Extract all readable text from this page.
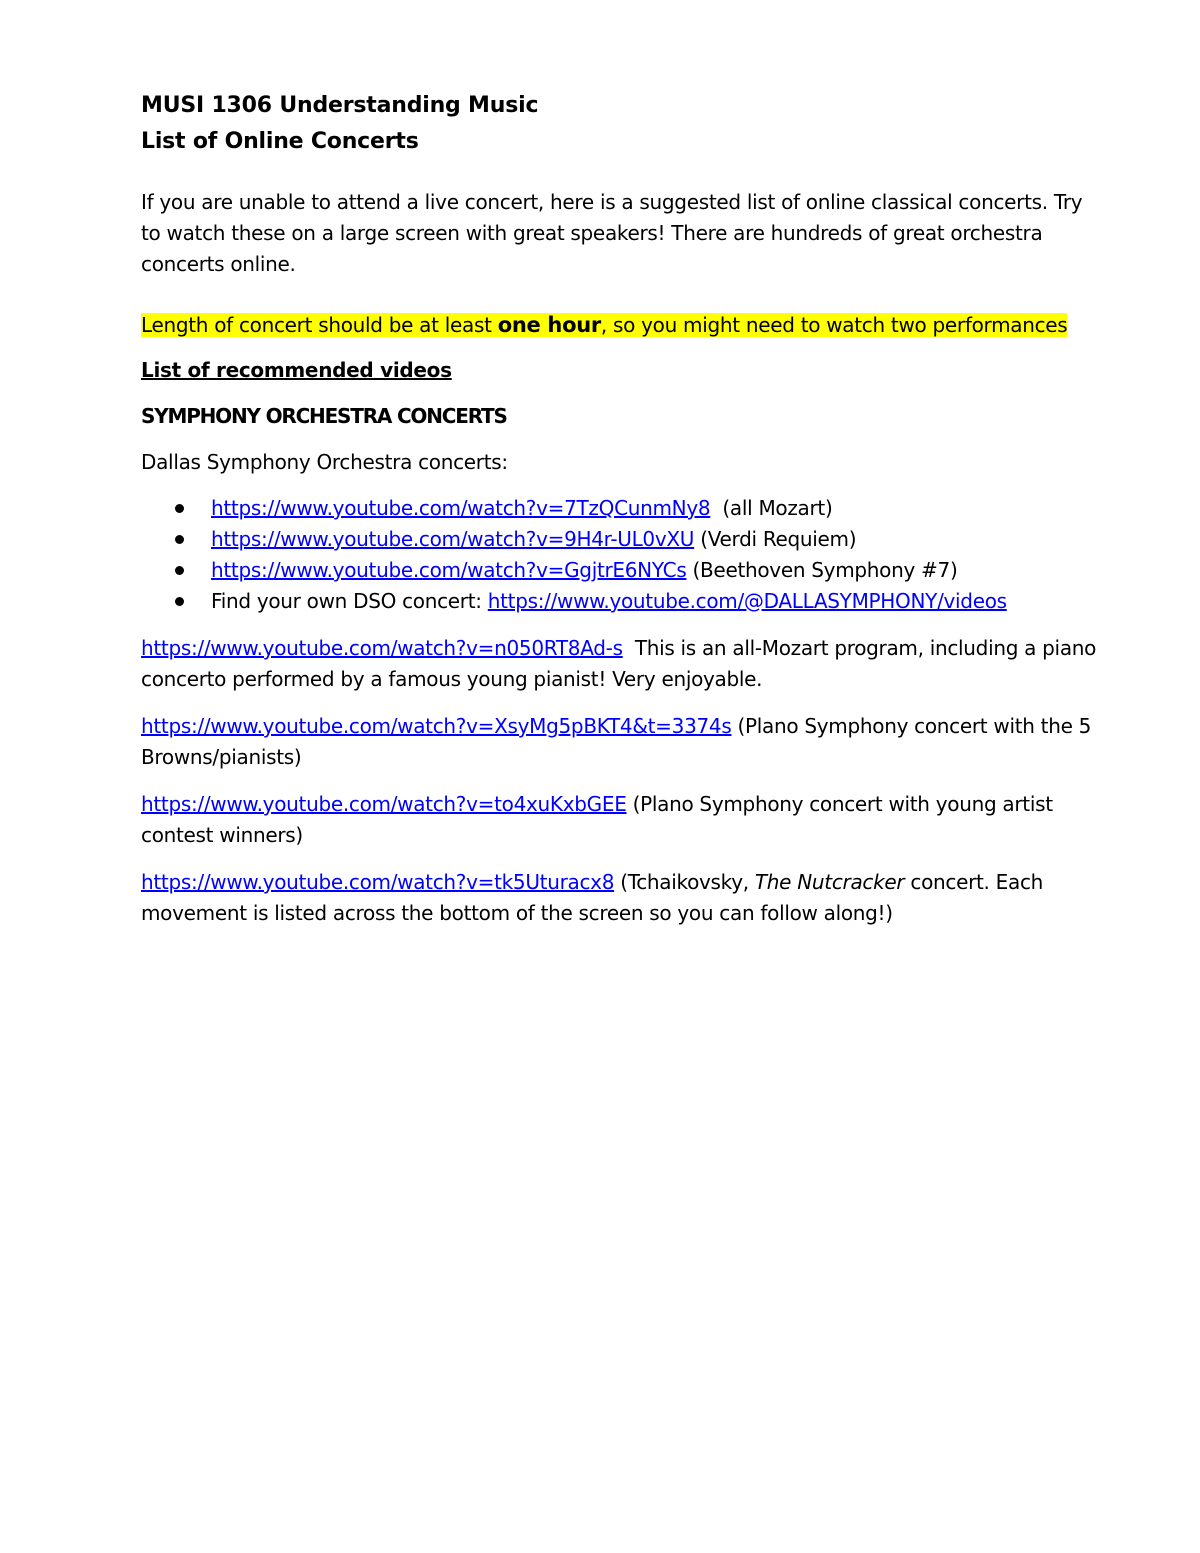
MUSI 1306 Understanding Music
List of Online Concerts

If you are unable to attend a live concert, here is a suggested list of online classical concerts. Try to watch these on a large screen with great speakers! There are hundreds of great orchestra concerts online.

Length of concert should be at least one hour, so you might need to watch two performances

List of recommended videos

SYMPHONY ORCHESTRA CONCERTS

Dallas Symphony Orchestra concerts:

https://www.youtube.com/watch?v=7TzQCunmNy8  (all Mozart)
https://www.youtube.com/watch?v=9H4r-UL0vXU (Verdi Requiem)
https://www.youtube.com/watch?v=GgjtrE6NYCs (Beethoven Symphony #7)
Find your own DSO concert: https://www.youtube.com/@DALLASYMPHONY/videos

https://www.youtube.com/watch?v=n050RT8Ad-s  This is an all-Mozart program, including a piano concerto performed by a famous young pianist! Very enjoyable.

https://www.youtube.com/watch?v=XsyMg5pBKT4&t=3374s (Plano Symphony concert with the 5 Browns/pianists)

https://www.youtube.com/watch?v=to4xuKxbGEE (Plano Symphony concert with young artist contest winners)

https://www.youtube.com/watch?v=tk5Uturacx8 (Tchaikovsky, The Nutcracker concert. Each movement is listed across the bottom of the screen so you can follow along!)
